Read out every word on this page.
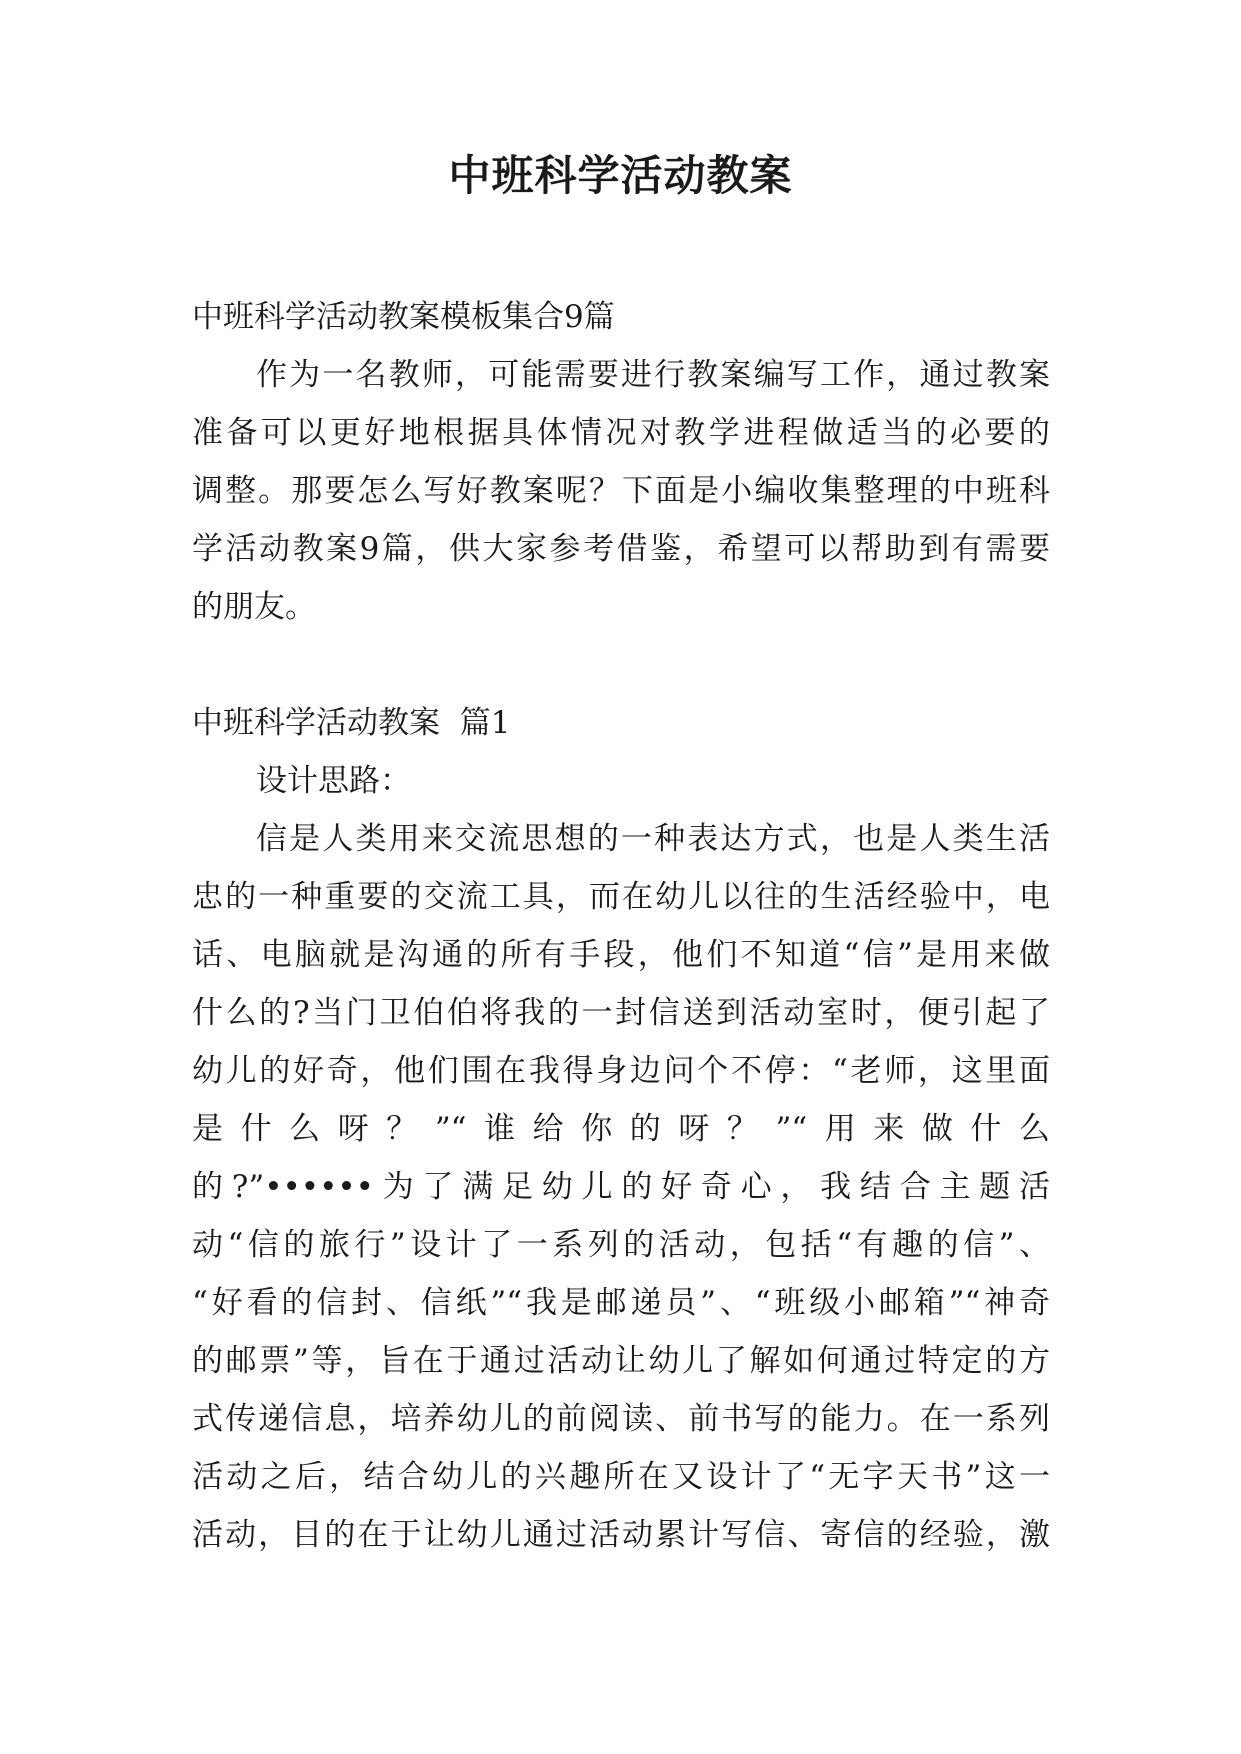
中班科学活动教案
中班科学活动教案模板集合9篇
作为一名教师，可能需要进行教案编写工作，通过教案
准备可以更好地根据具体情况对教学进程做适当的必要的
调整。那要怎么写好教案呢？下面是小编收集整理的中班科
学活动教案9篇，供大家参考借鉴，希望可以帮助到有需要
的朋友。
中班科学活动教案  篇1
设计思路：
信是人类用来交流思想的一种表达方式，也是人类生活
忠的一种重要的交流工具，而在幼儿以往的生活经验中，电
话、电脑就是沟通的所有手段，他们不知道“信”是用来做
什么的?当门卫伯伯将我的一封信送到活动室时，便引起了
幼儿的好奇，他们围在我得身边问个不停：“老师，这里面
是什么呀？”“谁给你的呀？”“用来做什么
的?”••••••为了满足幼儿的好奇心，我结合主题活
动“信的旅行”设计了一系列的活动，包括“有趣的信”、
“好看的信封、信纸”“我是邮递员”、“班级小邮箱”“神奇
的邮票”等，旨在于通过活动让幼儿了解如何通过特定的方
式传递信息，培养幼儿的前阅读、前书写的能力。在一系列
活动之后，结合幼儿的兴趣所在又设计了“无字天书”这一
活动，目的在于让幼儿通过活动累计写信、寄信的经验，激
